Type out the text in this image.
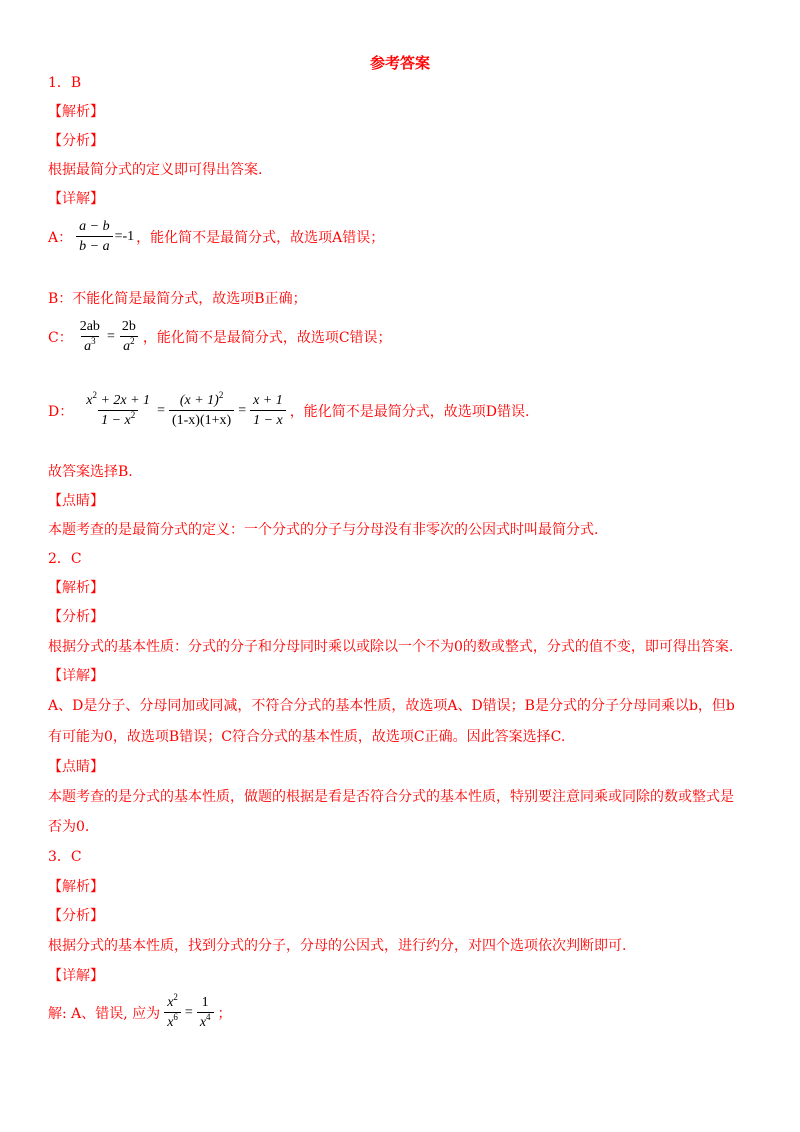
参考答案
1．B
【解析】
【分析】
根据最简分式的定义即可得出答案.
【详解】
A： $\frac{a - b}{b - a} =-1$ ，能化简不是最简分式，故选项A错误；
B：不能化简是最简分式，故选项B正确；
C： $\frac{2ab}{a^3} = \frac{2b}{a^2}$ ，能化简不是最简分式，故选项C错误；
D： $\frac{x^2 + 2x + 1}{1 - x^2} = \frac{(x + 1)^2}{(1-x)(1+x)} = \frac{x + 1}{1 - x}$ ，能化简不是最简分式，故选项D错误.
故答案选择B.
【点睛】
本题考查的是最简分式的定义：一个分式的分子与分母没有非零次的公因式时叫最简分式.
2．C
【解析】
【分析】
根据分式的基本性质：分式的分子和分母同时乘以或除以一个不为0的数或整式，分式的值不变，即可得出答案.
【详解】
A、D是分子、分母同加或同减，不符合分式的基本性质，故选项A、D错误；B是分式的分子分母同乘以b，但b
有可能为0，故选项B错误；C符合分式的基本性质，故选项C正确。因此答案选择C.
【点睛】
本题考查的是分式的基本性质，做题的根据是看是否符合分式的基本性质，特别要注意同乘或同除的数或整式是
否为0.
3．C
【解析】
【分析】
根据分式的基本性质，找到分式的分子，分母的公因式，进行约分，对四个选项依次判断即可.
【详解】
解: A、错误, 应为 $\frac{x^2}{x^6} = \frac{1}{x^4}$ ；
